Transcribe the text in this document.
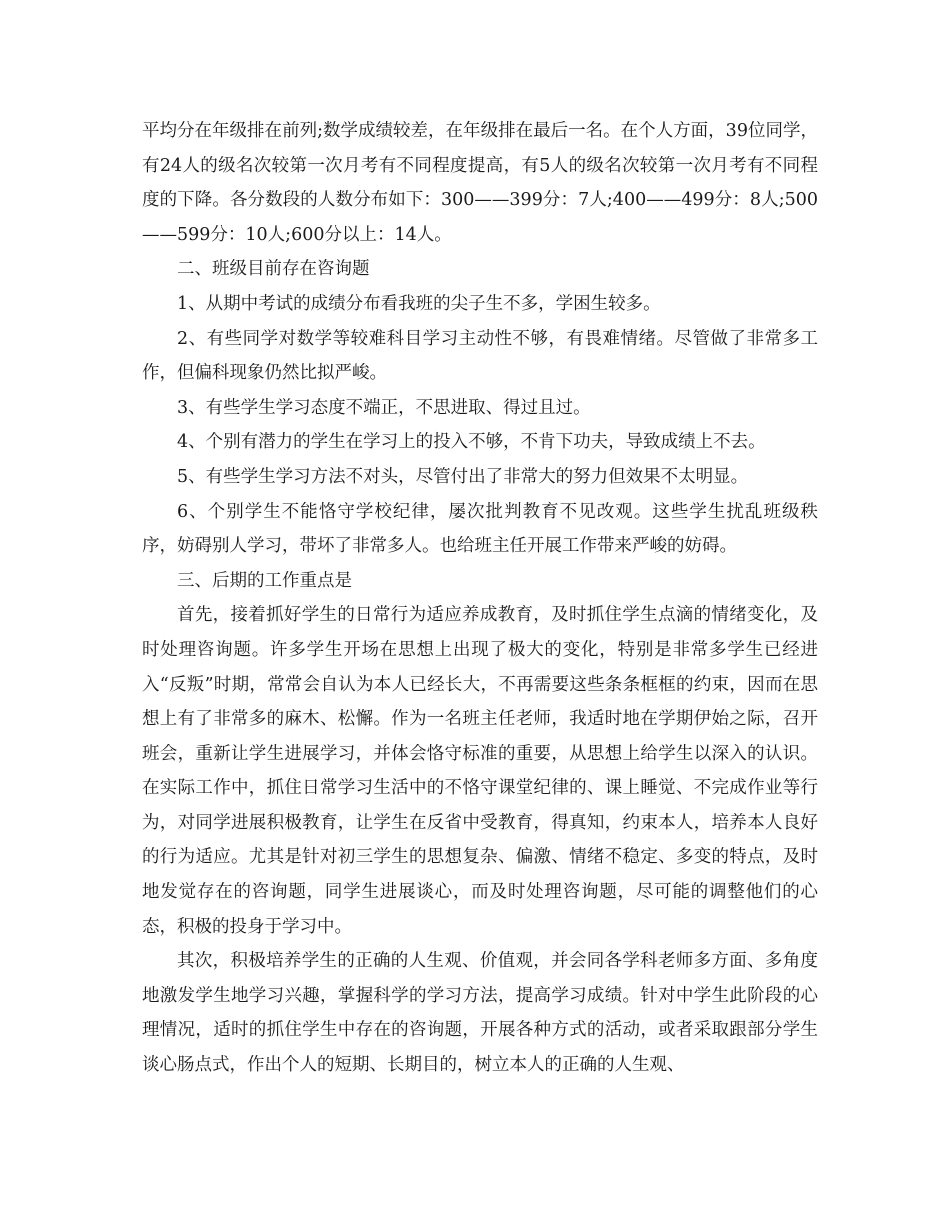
平均分在年级排在前列;数学成绩较差，在年级排在最后一名。在个人方面，39位同学，有24人的级名次较第一次月考有不同程度提高，有5人的级名次较第一次月考有不同程度的下降。各分数段的人数分布如下：300——399分：7人;400——499分：8人;500——599分：10人;600分以上：14人。

二、班级目前存在咨询题

1、从期中考试的成绩分布看我班的尖子生不多，学困生较多。

2、有些同学对数学等较难科目学习主动性不够，有畏难情绪。尽管做了非常多工作，但偏科现象仍然比拟严峻。

3、有些学生学习态度不端正，不思进取、得过且过。

4、个别有潜力的学生在学习上的投入不够，不肯下功夫，导致成绩上不去。

5、有些学生学习方法不对头，尽管付出了非常大的努力但效果不太明显。

6、个别学生不能恪守学校纪律，屡次批判教育不见改观。这些学生扰乱班级秩序，妨碍别人学习，带坏了非常多人。也给班主任开展工作带来严峻的妨碍。

三、后期的工作重点是

首先，接着抓好学生的日常行为适应养成教育，及时抓住学生点滴的情绪变化，及时处理咨询题。许多学生开场在思想上出现了极大的变化，特别是非常多学生已经进入“反叛”时期，常常会自认为本人已经长大，不再需要这些条条框框的约束，因而在思想上有了非常多的麻木、松懈。作为一名班主任老师，我适时地在学期伊始之际，召开班会，重新让学生进展学习，并体会恪守标准的重要，从思想上给学生以深入的认识。在实际工作中，抓住日常学习生活中的不恪守课堂纪律的、课上睡觉、不完成作业等行为，对同学进展积极教育，让学生在反省中受教育，得真知，约束本人，培养本人良好的行为适应。尤其是针对初三学生的思想复杂、偏激、情绪不稳定、多变的特点，及时地发觉存在的咨询题，同学生进展谈心，而及时处理咨询题，尽可能的调整他们的心态，积极的投身于学习中。

其次，积极培养学生的正确的人生观、价值观，并会同各学科老师多方面、多角度地激发学生地学习兴趣，掌握科学的学习方法，提高学习成绩。针对中学生此阶段的心理情况，适时的抓住学生中存在的咨询题，开展各种方式的活动，或者采取跟部分学生谈心肠点式，作出个人的短期、长期目的，树立本人的正确的人生观、
